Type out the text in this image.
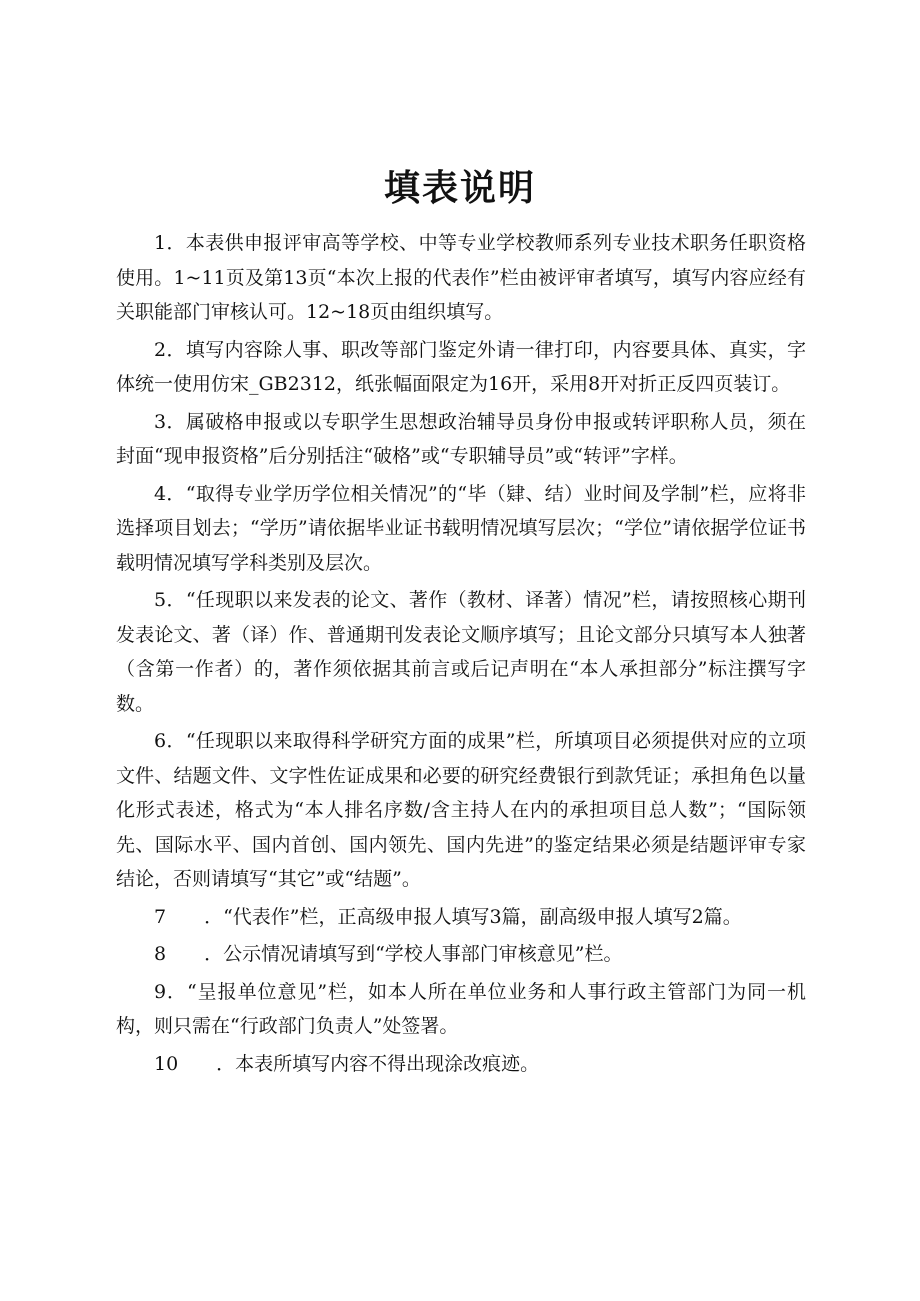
填表说明

1．本表供申报评审高等学校、中等专业学校教师系列专业技术职务任职资格使用。1~11页及第13页“本次上报的代表作”栏由被评审者填写，填写内容应经有关职能部门审核认可。12~18页由组织填写。

2．填写内容除人事、职改等部门鉴定外请一律打印，内容要具体、真实，字体统一使用仿宋_GB2312，纸张幅面限定为16开，采用8开对折正反四页装订。

3．属破格申报或以专职学生思想政治辅导员身份申报或转评职称人员，须在封面“现申报资格”后分别括注“破格”或“专职辅导员”或“转评”字样。

4．“取得专业学历学位相关情况”的“毕（肄、结）业时间及学制”栏，应将非选择项目划去；“学历”请依据毕业证书载明情况填写层次；“学位”请依据学位证书载明情况填写学科类别及层次。

5．“任现职以来发表的论文、著作（教材、译著）情况”栏，请按照核心期刊发表论文、著（译）作、普通期刊发表论文顺序填写；且论文部分只填写本人独著（含第一作者）的，著作须依据其前言或后记声明在“本人承担部分”标注撰写字数。

6．“任现职以来取得科学研究方面的成果”栏，所填项目必须提供对应的立项文件、结题文件、文字性佐证成果和必要的研究经费银行到款凭证；承担角色以量化形式表述，格式为“本人排名序数/含主持人在内的承担项目总人数”；“国际领先、国际水平、国内首创、国内领先、国内先进”的鉴定结果必须是结题评审专家结论，否则请填写“其它”或“结题”。

7　　．“代表作”栏，正高级申报人填写3篇，副高级申报人填写2篇。

8　　．公示情况请填写到“学校人事部门审核意见”栏。

9．“呈报单位意见”栏，如本人所在单位业务和人事行政主管部门为同一机构，则只需在“行政部门负责人”处签署。

10　　．本表所填写内容不得出现涂改痕迹。
